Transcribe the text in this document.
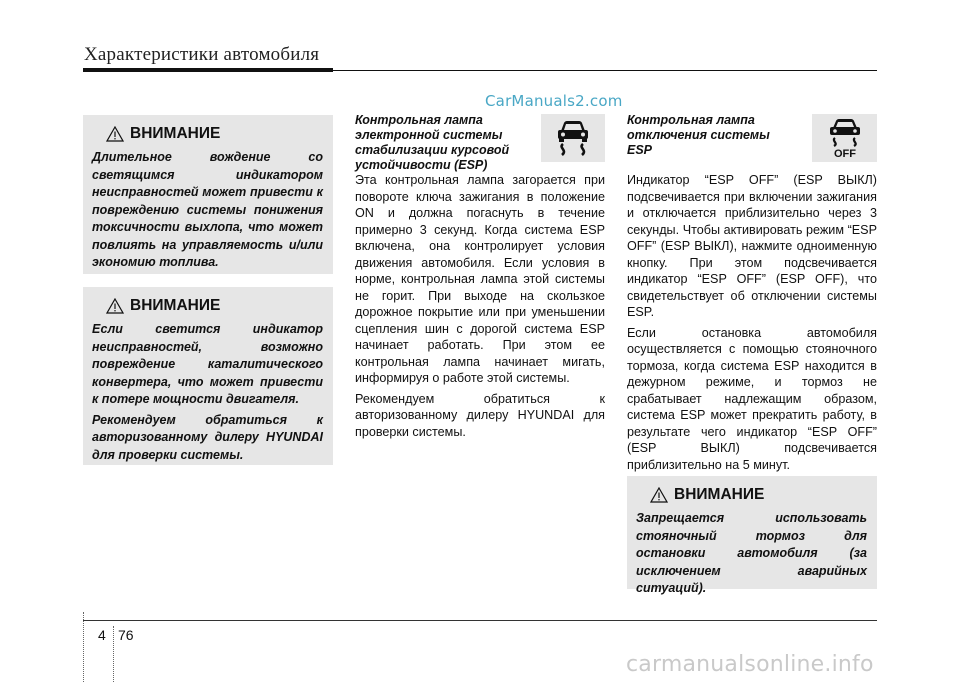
Характеристики автомобиля
CarManuals2.com
ВНИМАНИЕ

Длительное вождение со светящимся индикатором неисправностей может привести к повреждению системы понижения токсичности выхлопа, что может повлиять на управляемость и/или экономию топлива.

ВНИМАНИЕ

Если светится индикатор неисправностей, возможно повреждение каталитического конвертера, что может привести к потере мощности двигателя.

Рекомендуем обратиться к авторизованному дилеру HYUNDAI для проверки системы.

Контрольная лампа электронной системы стабилизации курсовой устойчивости (ESP)

Эта контрольная лампа загорается при повороте ключа зажигания в положение ON и должна погаснуть в течение примерно 3 секунд. Когда система ESP включена, она контролирует условия движения автомобиля. Если условия в норме, контрольная лампа этой системы не горит. При выходе на скользкое дорожное покрытие или при уменьшении сцепления шин с дорогой система ESP начинает работать. При этом ее контрольная лампа начинает мигать, информируя о работе этой системы.

Рекомендуем обратиться к авторизованному дилеру HYUNDAI для проверки системы.

Контрольная лампа отключения системы ESP	OFF

Индикатор “ESP OFF” (ESP ВЫКЛ) подсвечивается при включении зажигания и отключается приблизительно через 3 секунды. Чтобы активировать режим “ESP OFF” (ESP ВЫКЛ), нажмите одноименную кнопку. При этом подсвечивается индикатор “ESP OFF” (ESP OFF), что свидетельствует об отключении системы ESP.

Если остановка автомобиля осуществляется с помощью стояночного тормоза, когда система ESP находится в дежурном режиме, и тормоз не срабатывает надлежащим образом, система ESP может прекратить работу, в результате чего индикатор “ESP OFF” (ESP ВЫКЛ) подсвечивается приблизительно на 5 минут.

ВНИМАНИЕ

Запрещается использовать стояночный тормоз для остановки автомобиля (за исключением аварийных ситуаций).

4 76
carmanualsonline.info
